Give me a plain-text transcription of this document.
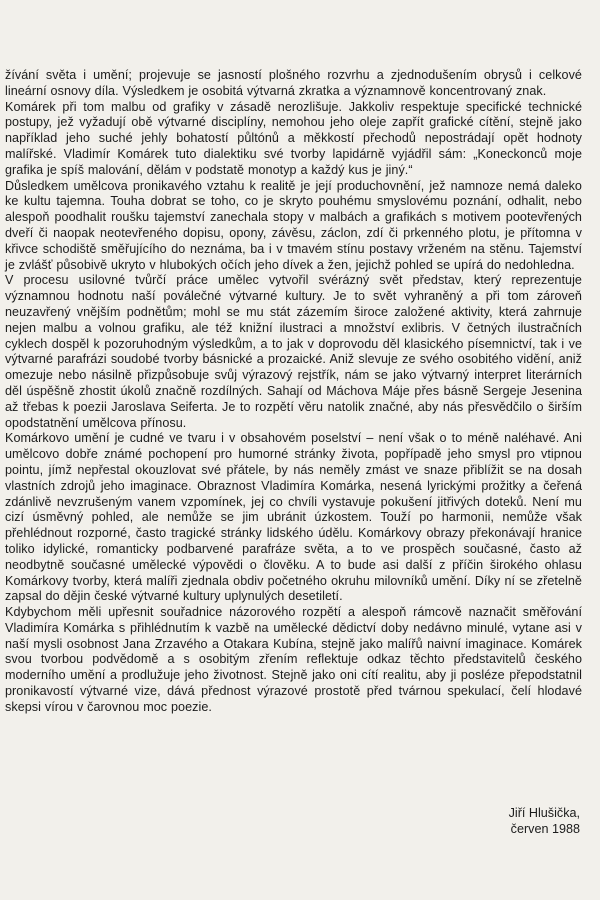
žívání světa i umění; projevuje se jasností plošného rozvrhu a zjednodušením obrysů i celkové lineární osnovy díla. Výsledkem je osobitá výtvarná zkratka a významnově koncentrovaný znak.

Komárek při tom malbu od grafiky v zásadě nerozlišuje. Jakkoliv respektuje specifické technické postupy, jež vyžadují obě výtvarné disciplíny, nemohou jeho oleje zapřít grafické cítění, stejně jako například jeho suché jehly bohatostí půltónů a měkkostí přechodů nepostrádají opět hodnoty malířské. Vladimír Komárek tuto dialektiku své tvorby lapidárně vyjádřil sám: „Koneckonců moje grafika je spíš malování, dělám v podstatě monotyp a každý kus je jiný.“

Důsledkem umělcova pronikavého vztahu k realitě je její produchovnění, jež namnoze nemá daleko ke kultu tajemna. Touha dobrat se toho, co je skryto pouhému smyslovému poznání, odhalit, nebo alespoň poodhalit roušku tajemství zanechala stopy v malbách a grafikách s motivem pootevřených dveří či naopak neotevřeného dopisu, opony, závěsu, záclon, zdí či prkenného plotu, je přítomna v křivce schodiště směřujícího do neznáma, ba i v tmavém stínu postavy vrženém na stěnu. Tajemství je zvlášť působivě ukryto v hlubokých očích jeho dívek a žen, jejichž pohled se upírá do nedohledna.

V procesu usilovné tvůrčí práce umělec vytvořil svérázný svět představ, který reprezentuje významnou hodnotu naší poválečné výtvarné kultury. Je to svět vyhraněný a při tom zároveň neuzavřený vnějším podnětům; mohl se mu stát zázemím široce založené aktivity, která zahrnuje nejen malbu a volnou grafiku, ale též knižní ilustraci a množství exlibris. V četných ilustračních cyklech dospěl k pozoruhodným výsledkům, a to jak v doprovodu děl klasického písemnictví, tak i ve výtvarné parafrázi soudobé tvorby básnické a prozaické. Aniž slevuje ze svého osobitého vidění, aniž omezuje nebo násilně přizpůsobuje svůj výrazový rejstřík, nám se jako výtvarný interpret literárních děl úspěšně zhostit úkolů značně rozdílných. Sahají od Máchova Máje přes básně Sergeje Jesenina až třebas k poezii Jaroslava Seiferta. Je to rozpětí věru natolik značné, aby nás přesvědčilo o širším opodstatnění umělcova přínosu.

Komárkovo umění je cudné ve tvaru i v obsahovém poselství – není však o to méně naléhavé. Ani umělcovo dobře známé pochopení pro humorné stránky života, popřípadě jeho smysl pro vtipnou pointu, jímž nepřestal okouzlovat své přátele, by nás neměly zmást ve snaze přiblížit se na dosah vlastních zdrojů jeho imaginace. Obraznost Vladimíra Komárka, nesená lyrickými prožitky a čeřená zdánlivě nevzrušeným vanem vzpomínek, jej co chvíli vystavuje pokušení jitřivých doteků. Není mu cizí úsměvný pohled, ale nemůže se jim ubránit úzkostem. Touží po harmonii, nemůže však přehlédnout rozporné, často tragické stránky lidského údělu. Komárkovy obrazy překonávají hranice toliko idylické, romanticky podbarvené parafráze světa, a to ve prospěch současné, často až neodbytně současné umělecké výpovědi o člověku. A to bude asi další z příčin širokého ohlasu Komárkovy tvorby, která malíři zjednala obdiv početného okruhu milovníků umění. Díky ní se zřetelně zapsal do dějin české výtvarné kultury uplynulých desetiletí.

Kdybychom měli upřesnit souřadnice názorového rozpětí a alespoň rámcově naznačit směřování Vladimíra Komárka s přihlédnutím k vazbě na umělecké dědictví doby nedávno minulé, vytane asi v naší mysli osobnost Jana Zrzavého a Otakara Kubína, stejně jako malířů naivní imaginace. Komárek svou tvorbou podvědomě a s osobitým zřením reflektuje odkaz těchto představitelů českého moderního umění a prodlužuje jeho životnost. Stejně jako oni cítí realitu, aby ji posléze přepodstatnil pronikavostí výtvarné vize, dává přednost výrazové prostotě před tvárnou spekulací, čelí hlodavé skepsi vírou v čarovnou moc poezie.

Jiří Hlušička,
červen 1988
